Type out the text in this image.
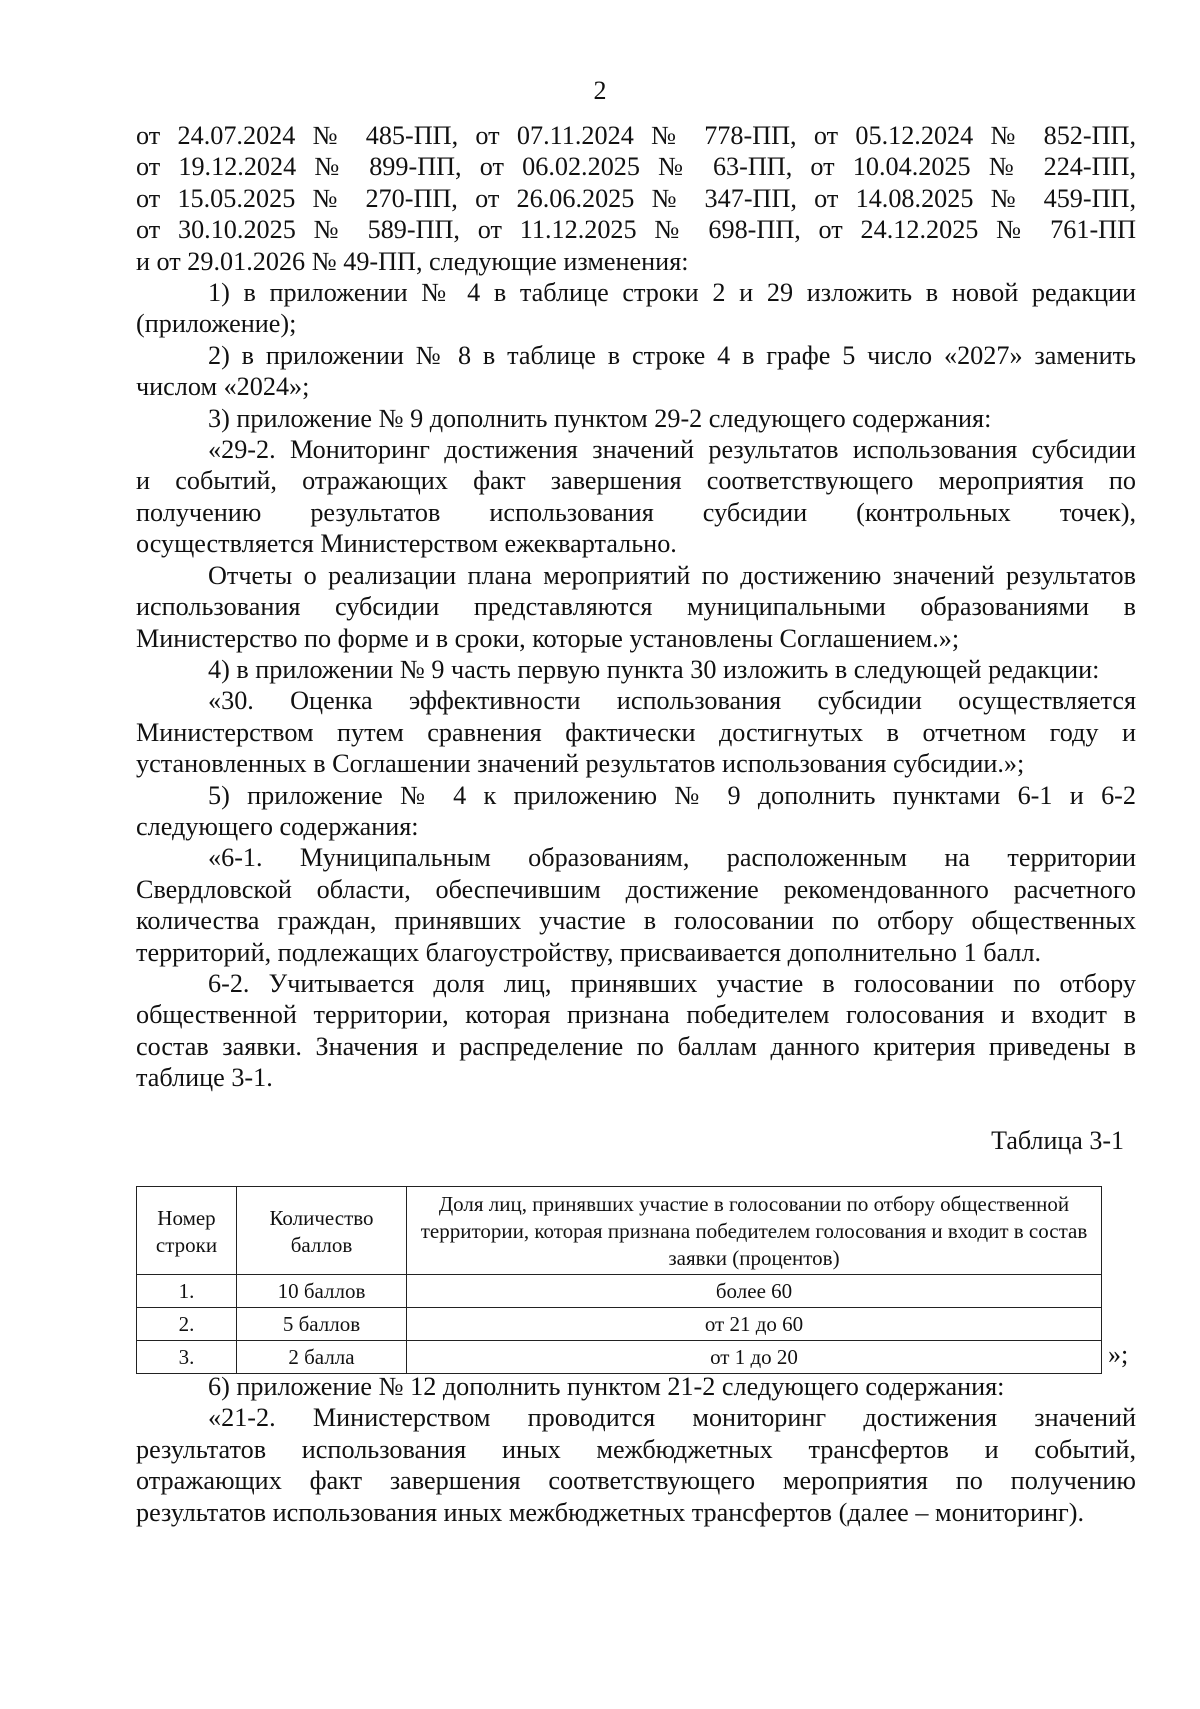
2
от 24.07.2024 № 485-ПП, от 07.11.2024 № 778-ПП, от 05.12.2024 № 852-ПП,
от 19.12.2024 № 899-ПП, от 06.02.2025 № 63-ПП, от 10.04.2025 № 224-ПП,
от 15.05.2025 № 270-ПП, от 26.06.2025 № 347-ПП, от 14.08.2025 № 459-ПП,
от 30.10.2025 № 589-ПП, от 11.12.2025 № 698-ПП, от 24.12.2025 № 761-ПП
и от 29.01.2026 № 49-ПП, следующие изменения:
1) в приложении № 4 в таблице строки 2 и 29 изложить в новой редакции
(приложение);
2) в приложении № 8 в таблице в строке 4 в графе 5 число «2027» заменить
числом «2024»;
3) приложение № 9 дополнить пунктом 29-2 следующего содержания:
«29-2. Мониторинг достижения значений результатов использования субсидии
и событий, отражающих факт завершения соответствующего мероприятия по
получению результатов использования субсидии (контрольных точек),
осуществляется Министерством ежеквартально.
Отчеты о реализации плана мероприятий по достижению значений результатов
использования субсидии представляются муниципальными образованиями в
Министерство по форме и в сроки, которые установлены Соглашением.»;
4) в приложении № 9 часть первую пункта 30 изложить в следующей редакции:
«30. Оценка эффективности использования субсидии осуществляется
Министерством путем сравнения фактически достигнутых в отчетном году и
установленных в Соглашении значений результатов использования субсидии.»;
5) приложение № 4 к приложению № 9 дополнить пунктами 6-1 и 6-2
следующего содержания:
«6-1. Муниципальным образованиям, расположенным на территории
Свердловской области, обеспечившим достижение рекомендованного расчетного
количества граждан, принявших участие в голосовании по отбору общественных
территорий, подлежащих благоустройству, присваивается дополнительно 1 балл.
6-2. Учитывается доля лиц, принявших участие в голосовании по отбору
общественной территории, которая признана победителем голосования и входит в
состав заявки. Значения и распределение по баллам данного критерия приведены в
таблице 3-1.
Таблица 3-1
Номер строки	Количество баллов	Доля лиц, принявших участие в голосовании по отбору общественной территории, которая признана победителем голосования и входит в состав заявки (процентов)
1.	10 баллов	более 60
2.	5 баллов	от 21 до 60
3.	2 балла	от 1 до 20	»;
6) приложение № 12 дополнить пунктом 21-2 следующего содержания:
«21-2. Министерством проводится мониторинг достижения значений
результатов использования иных межбюджетных трансфертов и событий,
отражающих факт завершения соответствующего мероприятия по получению
результатов использования иных межбюджетных трансфертов (далее – мониторинг).
